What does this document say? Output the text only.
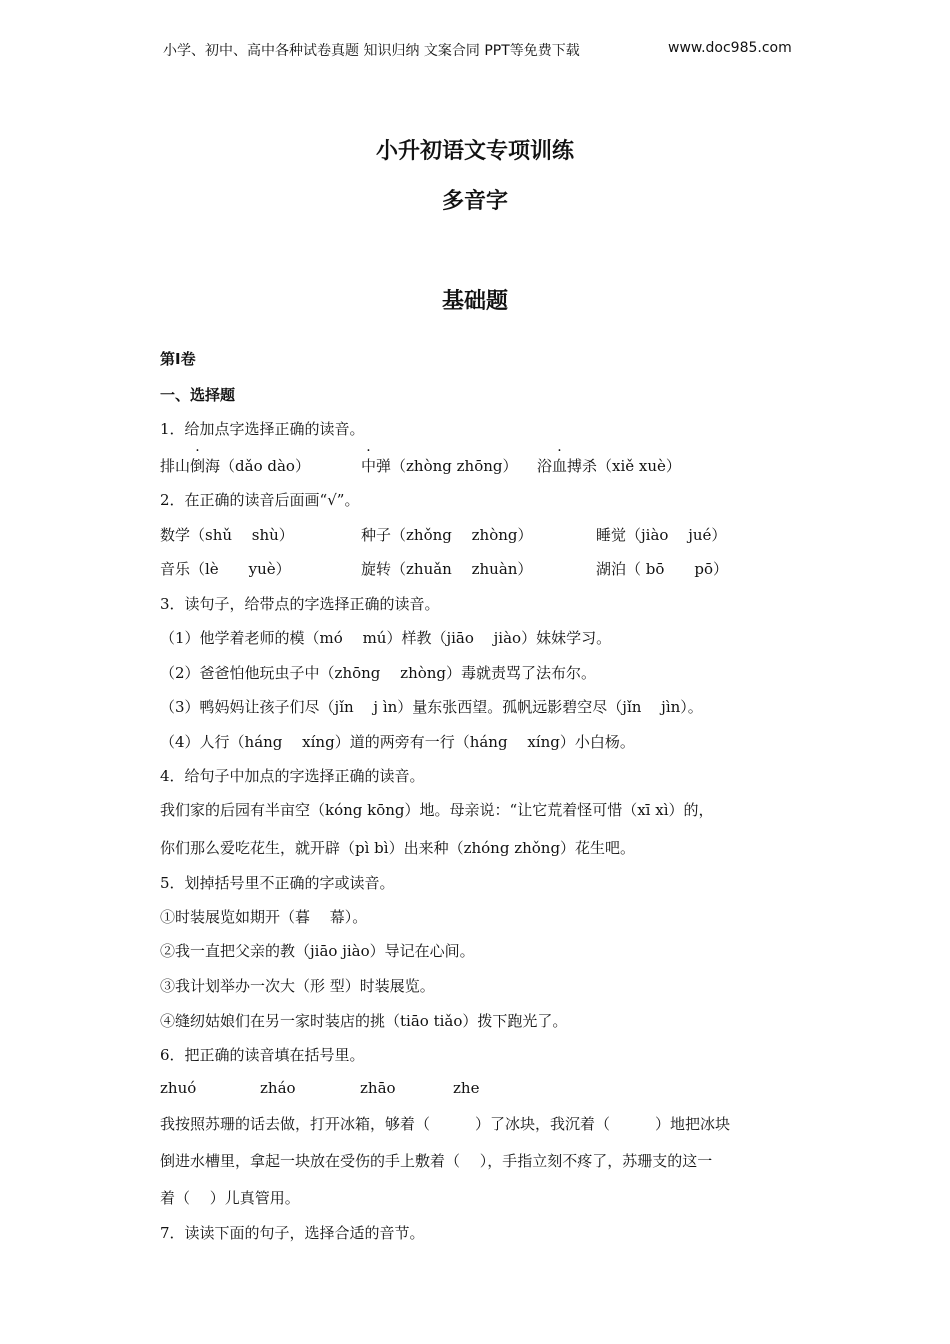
小学、初中、高中各种试卷真题 知识归纳 文案合同 PPT等免费下载	www.doc985.com
小升初语文专项训练
多音字
基础题
第Ⅰ卷
一、选择题
1．给加点字选择正确的读音。
排山倒海（dǎo dào）	中弹（zhòng zhōng） 浴血搏杀（xiě xuè）
2．在正确的读音后面画“√”。
数学（shǔ　 shù）	种子（zhǒng　 zhòng）	睡觉（jiào　 jué）
音乐（lè　　yuè）	旋转（zhuǎn　 zhuàn）	湖泊（ bō　　pō）
3．读句子，给带点的字选择正确的读音。
（1）他学着老师的模（mó　 mú）样教（jiāo　 jiào）妹妹学习。
（2）爸爸怕他玩虫子中（zhōng　 zhòng）毒就责骂了法布尔。
（3）鸭妈妈让孩子们尽（jǐn　 j ìn）量东张西望。孤帆远影碧空尽（jǐn　 jìn）。
（4）人行（háng　 xíng）道的两旁有一行（háng　 xíng）小白杨。
4．给句子中加点的字选择正确的读音。
我们家的后园有半亩空（kóng kōng）地。母亲说：“让它荒着怪可惜（xī xì）的，
你们那么爱吃花生，就开辟（pì bì）出来种（zhóng zhǒng）花生吧。
5．划掉括号里不正确的字或读音。
①时装展览如期开（暮　 幕）。
②我一直把父亲的教（jiāo jiào）导记在心间。
③我计划举办一次大（形 型）时装展览。
④缝纫姑娘们在另一家时装店的挑（tiāo tiǎo）拨下跑光了。
6．把正确的读音填在括号里。
zhuó	zháo	zhāo	zhe
我按照苏珊的话去做，打开冰箱，够着（　　　）了冰块，我沉着（　　　）地把冰块
倒进水槽里，拿起一块放在受伤的手上敷着（　 ），手指立刻不疼了，苏珊支的这一
着（　 ）儿真管用。
7．读读下面的句子，选择合适的音节。
